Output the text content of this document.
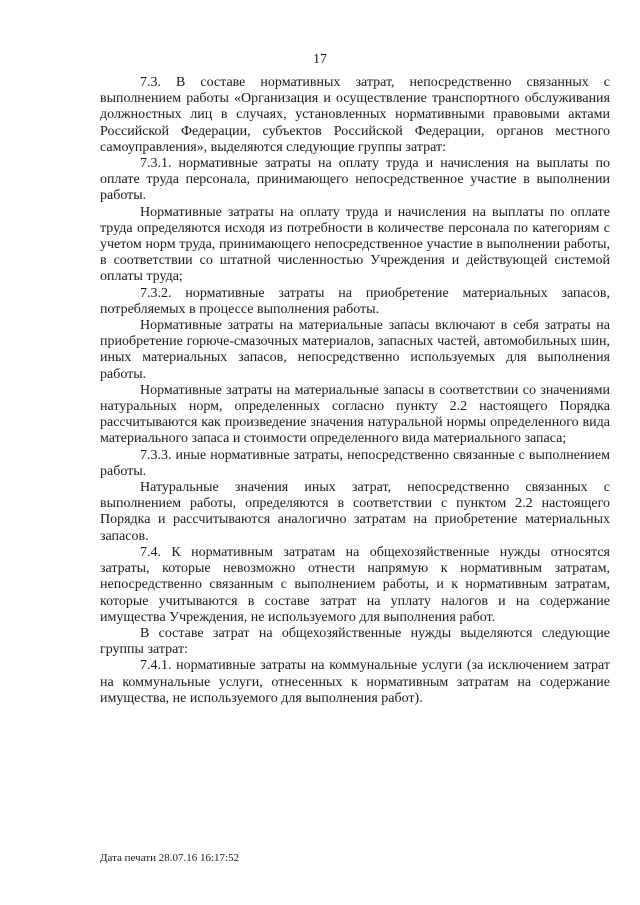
17

7.3. В составе нормативных затрат, непосредственно связанных с выполнением работы «Организация и осуществление транспортного обслуживания должностных лиц в случаях, установленных нормативными правовыми актами Российской Федерации, субъектов Российской Федерации, органов местного самоуправления», выделяются следующие группы затрат:

7.3.1. нормативные затраты на оплату труда и начисления на выплаты по оплате труда персонала, принимающего непосредственное участие в выполнении работы.

Нормативные затраты на оплату труда и начисления на выплаты по оплате труда определяются исходя из потребности в количестве персонала по категориям с учетом норм труда, принимающего непосредственное участие в выполнении работы, в соответствии со штатной численностью Учреждения и действующей системой оплаты труда;

7.3.2. нормативные затраты на приобретение материальных запасов, потребляемых в процессе выполнения работы.

Нормативные затраты на материальные запасы включают в себя затраты на приобретение горюче-смазочных материалов, запасных частей, автомобильных шин, иных материальных запасов, непосредственно используемых для выполнения работы.

Нормативные затраты на материальные запасы в соответствии со значениями натуральных норм, определенных согласно пункту 2.2 настоящего Порядка рассчитываются как произведение значения натуральной нормы определенного вида материального запаса и стоимости определенного вида материального запаса;

7.3.3. иные нормативные затраты, непосредственно связанные с выполнением работы.

Натуральные значения иных затрат, непосредственно связанных с выполнением работы, определяются в соответствии с пунктом 2.2 настоящего Порядка и рассчитываются аналогично затратам на приобретение материальных запасов.

7.4. К нормативным затратам на общехозяйственные нужды относятся затраты, которые невозможно отнести напрямую к нормативным затратам, непосредственно связанным с выполнением работы, и к нормативным затратам, которые учитываются в составе затрат на уплату налогов и на содержание имущества Учреждения, не используемого для выполнения работ.

В составе затрат на общехозяйственные нужды выделяются следующие группы затрат:

7.4.1. нормативные затраты на коммунальные услуги (за исключением затрат на коммунальные услуги, отнесенных к нормативным затратам на содержание имущества, не используемого для выполнения работ).

Дата печати 28.07.16 16:17:52
